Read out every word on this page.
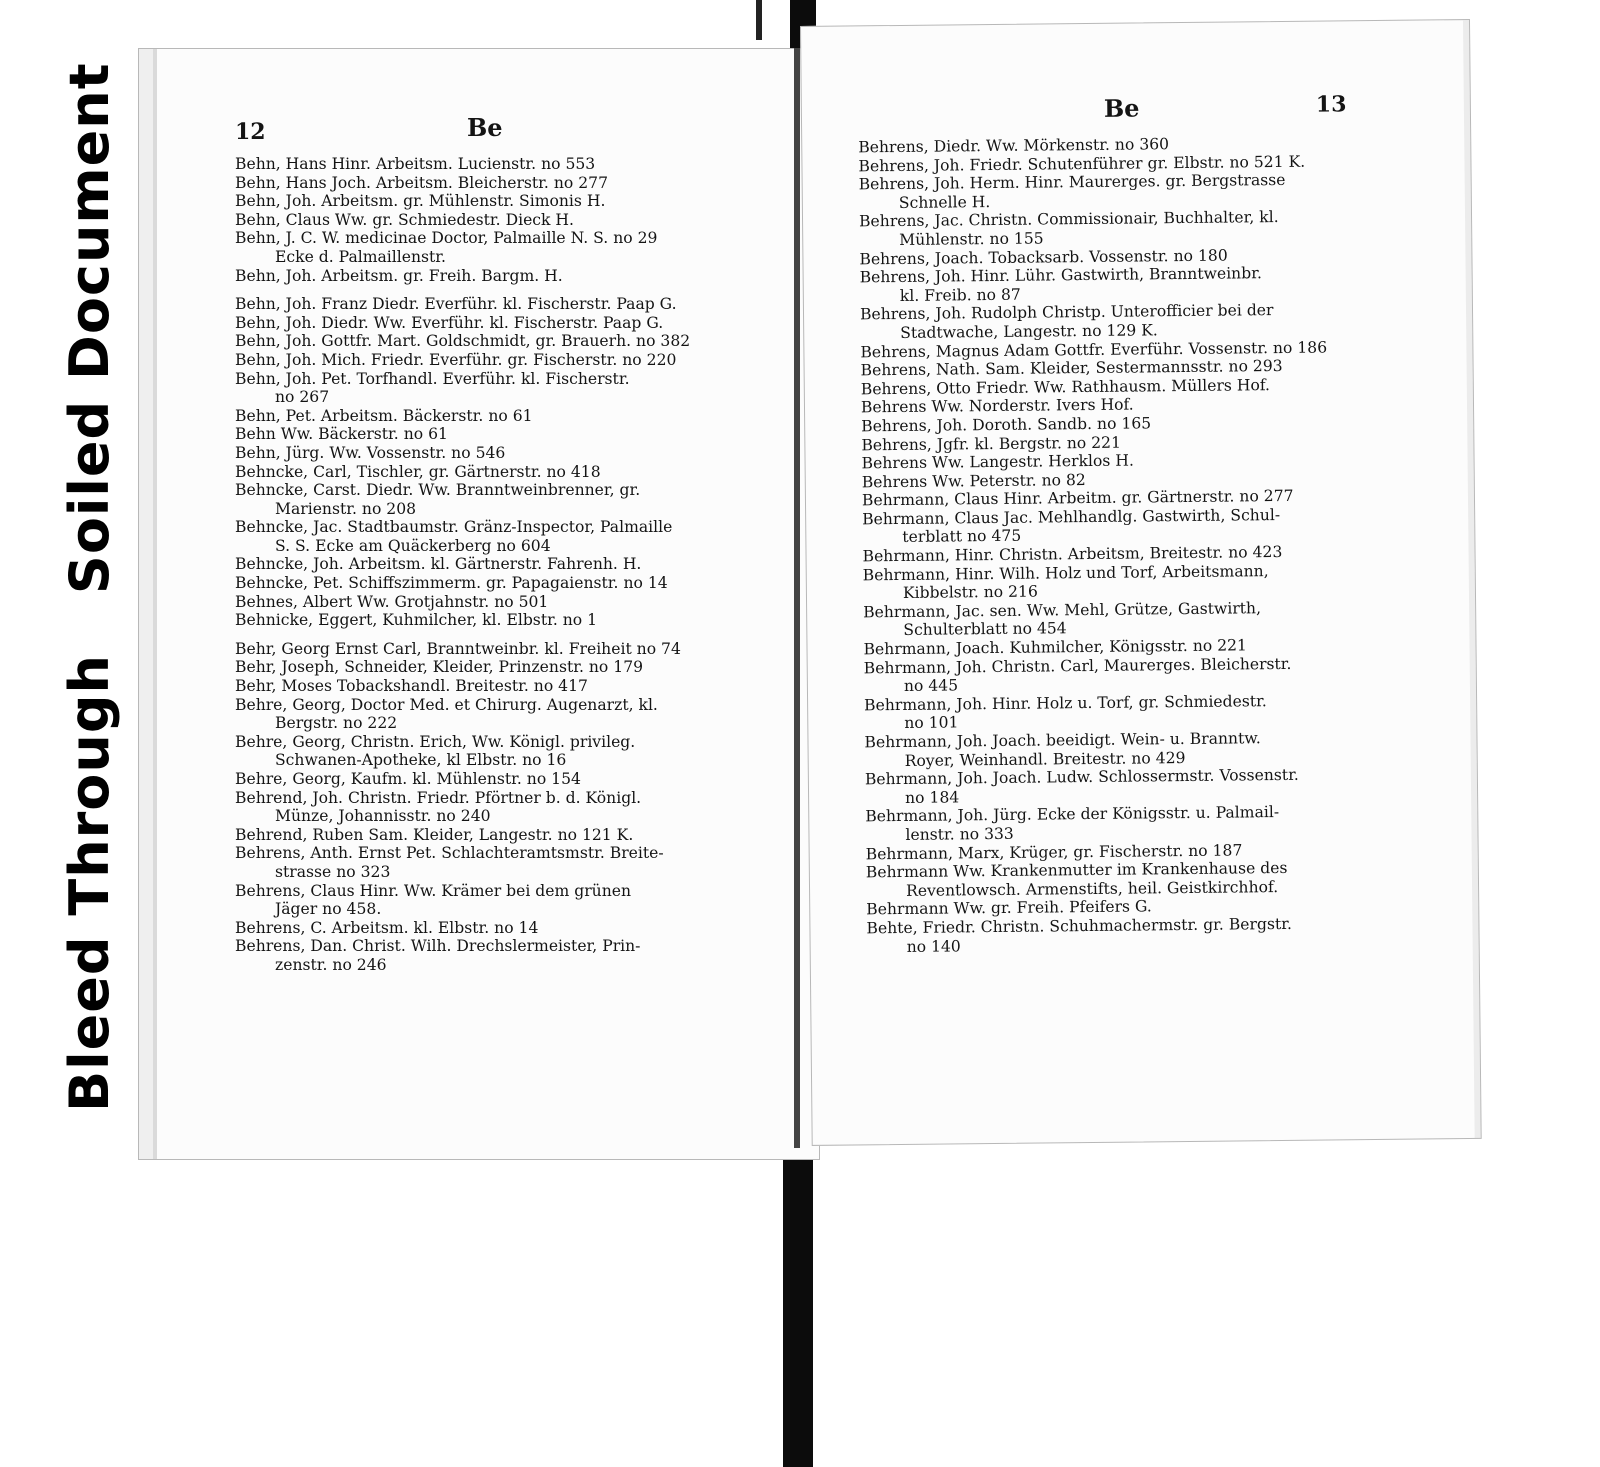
Bleed Through
Soiled Document	12	Be
Behn, Hans Hinr. Arbeitsm. Lucienstr. no 553
Behn, Hans Joch. Arbeitsm. Bleicherstr. no 277
Behn, Joh. Arbeitsm. gr. Mühlenstr. Simonis H.
Behn, Claus Ww. gr. Schmiedestr. Dieck H.
Behn, J. C. W. medicinae Doctor, Palmaille N. S. no 29
Ecke d. Palmaillenstr.
Behn, Joh. Arbeitsm. gr. Freih. Bargm. H.
Behn, Joh. Franz Diedr. Everführ. kl. Fischerstr. Paap G.
Behn, Joh. Diedr. Ww. Everführ. kl. Fischerstr. Paap G.
Behn, Joh. Gottfr. Mart. Goldschmidt, gr. Brauerh. no 382
Behn, Joh. Mich. Friedr. Everführ. gr. Fischerstr. no 220
Behn, Joh. Pet. Torfhandl. Everführ. kl. Fischerstr.
no 267
Behn, Pet. Arbeitsm. Bäckerstr. no 61
Behn Ww. Bäckerstr. no 61
Behn, Jürg. Ww. Vossenstr. no 546
Behncke, Carl, Tischler, gr. Gärtnerstr. no 418
Behncke, Carst. Diedr. Ww. Branntweinbrenner, gr.
Marienstr. no 208
Behncke, Jac. Stadtbaumstr. Gränz-Inspector, Palmaille
S. S. Ecke am Quäckerberg no 604
Behncke, Joh. Arbeitsm. kl. Gärtnerstr. Fahrenh. H.
Behncke, Pet. Schiffszimmerm. gr. Papagaienstr. no 14
Behnes, Albert Ww. Grotjahnstr. no 501
Behnicke, Eggert, Kuhmilcher, kl. Elbstr. no 1
Behr, Georg Ernst Carl, Branntweinbr. kl. Freiheit no 74
Behr, Joseph, Schneider, Kleider, Prinzenstr. no 179
Behr, Moses Tobackshandl. Breitestr. no 417
Behre, Georg, Doctor Med. et Chirurg. Augenarzt, kl.
Bergstr. no 222
Behre, Georg, Christn. Erich, Ww. Königl. privileg.
Schwanen-Apotheke, kl Elbstr. no 16
Behre, Georg, Kaufm. kl. Mühlenstr. no 154
Behrend, Joh. Christn. Friedr. Pförtner b. d. Königl.
Münze, Johannisstr. no 240
Behrend, Ruben Sam. Kleider, Langestr. no 121 K.
Behrens, Anth. Ernst Pet. Schlachteramtsmstr. Breite-
strasse no 323
Behrens, Claus Hinr. Ww. Krämer bei dem grünen
Jäger no 458.
Behrens, C. Arbeitsm. kl. Elbstr. no 14
Behrens, Dan. Christ. Wilh. Drechslermeister, Prin-
zenstr. no 246
Be	13
Behrens, Diedr. Ww. Mörkenstr. no 360
Behrens, Joh. Friedr. Schutenführer gr. Elbstr. no 521 K.
Behrens, Joh. Herm. Hinr. Maurerges. gr. Bergstrasse
Schnelle H.
Behrens, Jac. Christn. Commissionair, Buchhalter, kl.
Mühlenstr. no 155
Behrens, Joach. Tobacksarb. Vossenstr. no 180
Behrens, Joh. Hinr. Lühr. Gastwirth, Branntweinbr.
kl. Freib. no 87
Behrens, Joh. Rudolph Christp. Unterofficier bei der
Stadtwache, Langestr. no 129 K.
Behrens, Magnus Adam Gottfr. Everführ. Vossenstr. no 186
Behrens, Nath. Sam. Kleider, Sestermannsstr. no 293
Behrens, Otto Friedr. Ww. Rathhausm. Müllers Hof.
Behrens Ww. Norderstr. Ivers Hof.
Behrens, Joh. Doroth. Sandb. no 165
Behrens, Jgfr. kl. Bergstr. no 221
Behrens Ww. Langestr. Herklos H.
Behrens Ww. Peterstr. no 82
Behrmann, Claus Hinr. Arbeitm. gr. Gärtnerstr. no 277
Behrmann, Claus Jac. Mehlhandlg. Gastwirth, Schul-
terblatt no 475
Behrmann, Hinr. Christn. Arbeitsm, Breitestr. no 423
Behrmann, Hinr. Wilh. Holz und Torf, Arbeitsmann,
Kibbelstr. no 216
Behrmann, Jac. sen. Ww. Mehl, Grütze, Gastwirth,
Schulterblatt no 454
Behrmann, Joach. Kuhmilcher, Königsstr. no 221
Behrmann, Joh. Christn. Carl, Maurerges. Bleicherstr.
no 445
Behrmann, Joh. Hinr. Holz u. Torf, gr. Schmiedestr.
no 101
Behrmann, Joh. Joach. beeidigt. Wein- u. Branntw.
Royer, Weinhandl. Breitestr. no 429
Behrmann, Joh. Joach. Ludw. Schlossermstr. Vossenstr.
no 184
Behrmann, Joh. Jürg. Ecke der Königsstr. u. Palmail-
lenstr. no 333
Behrmann, Marx, Krüger, gr. Fischerstr. no 187
Behrmann Ww. Krankenmutter im Krankenhause des
Reventlowsch. Armenstifts, heil. Geistkirchhof.
Behrmann Ww. gr. Freih. Pfeifers G.
Behte, Friedr. Christn. Schuhmachermstr. gr. Bergstr.
no 140
